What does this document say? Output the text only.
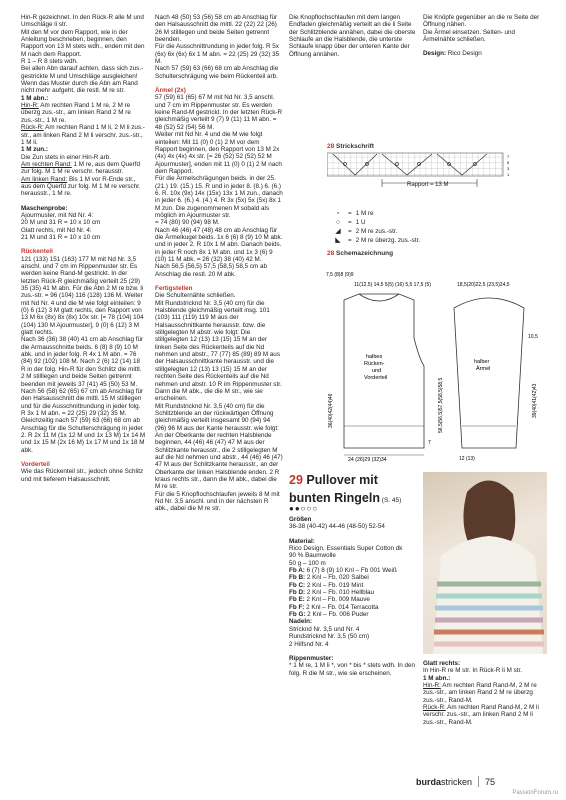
Hin-R gezeichnet. In den Rück-R alle M und Umschläge li str.

Mit den M vor dem Rapport, wie in der Anleitung beschrieben, beginnen, den Rapport von 13 M stets wdh., enden mit den M nach dem Rapport.

R 1 – R 8 stets wdh.

Bei allen Abn darauf achten, dass sich zus.-gestrickte M und Umschläge ausgleichen!

Wenn das Muster durch die Abn am Rand nicht mehr aufgeht, die restl. M re str.

1 M abn.:

Hin-R: Am rechten Rand 1 M re, 2 M re überzg zus.-str., am linken Rand 2 M re zus.-str., 1 M re.

Rück-R: Am rechten Rand 1 M li, 2 M li zus.-str., am linken Rand 2 M li verschr. zus.-str., 1 M li.

1 M zun.:

Die Zun stets in einer Hin-R arb.

Am rechten Rand: 1 M re, aus dem Querfd zur folg. M 1 M re verschr. herausstr.

Am linken Rand: Bis 1 M vor R-Ende str., aus dem Querfd zur folg. M 1 M re verschr. herausstr., 1 M re.

Maschenprobe:

Ajourmuster, mit Nd Nr. 4:

20 M und 31 R = 10 x 10 cm

Glatt rechts, mit Nd Nr. 4:

21 M und 31 R = 10 x 10 cm

Rückenteil

121 (133) 151 (163) 177 M mit Nd Nr. 3,5 anschl. und 7 cm im Rippenmuster str. Es werden keine Rand-M gestrickt. In der letzten Rück-R gleichmäßig verteilt 25 (29) 35 (35) 41 M abn. Für die Abn 2 M re bzw. li zus.-str. = 96 (104) 116 (128) 136 M. Weiter mit Nd Nr. 4 und die M wie folgt einteilen: 9 (0) 6 (12) 3 M glatt rechts, den Rapport von 13 M 6x (8x) 8x (8x) 10x str. [= 78 (104) 104 (104) 130 M Ajourmuster], 9 (0) 6 (12) 3 M glatt rechts.

Nach 36 (36) 38 (40) 41 cm ab Anschlag für die Armausschnitte beids. 6 (8) 8 (9) 10 M abk. und in jeder folg. R 4x 1 M abn. = 76 (84) 92 (102) 108 M. Nach 2 (6) 12 (14) 18 R in der folg. Hin-R für den Schlitz die mittl. 2 M stilllegen und beide Seiten getrennt beenden mit jeweils 37 (41) 45 (50) 53 M.

Nach 56 (58) 62 (65) 67 cm ab Anschlag für den Halsausschnitt die mittl. 15 M stilllegen und für die Ausschnittrundung in jeder folg. R 3x 1 M abn. = 22 (25) 29 (32) 35 M. Gleichzeitig nach 57 (59) 63 (66) 68 cm ab Anschlag für die Schulterschrägung in jeder 2. R 2x 11 M (1x 12 M und 1x 13 M) 1x 14 M und 1x 15 M (2x 16 M) 1x 17 M und 1x 18 M abk.

Vorderteil

Wie das Rückenteil str., jedoch ohne Schlitz und mit tieferem Halsausschnitt.

Nach 48 (50) 53 (56) 58 cm ab Anschlag für den Halsausschnitt die mittl. 22 (22) 22 (26) 26 M stilllegen und beide Seiten getrennt beenden.

Für die Ausschnittrundung in jeder folg. R 5x (6x) 6x (6x) 6x 1 M abn. = 22 (25) 29 (32) 35 M.

Nach 57 (59) 63 (66) 68 cm ab Anschlag die Schulterschrägung wie beim Rückenteil arb.

Ärmel (2x)

57 (59) 61 (65) 67 M mit Nd Nr. 3,5 anschl. und 7 cm im Rippenmuster str. Es werden keine Rand-M gestrickt. In der letzten Rück-R gleichmäßig verteilt 9 (7) 9 (11) 11 M abn. = 48 (52) 52 (54) 56 M.

Weiter mit Nd Nr. 4 und die M wie folgt einteilen: Mit 11 (0) 0 (1) 2 M vor dem Rapport beginnen, den Rapport von 13 M 2x (4x) 4x (4x) 4x str. [= 26 (52) 52 (52) 52 M Ajourmuster], enden mit 11 (0) 0 (1) 2 M nach dem Rapport.

Für die Ärmelschrägungen beids. in der 25. (21.) 19. (15.) 15. R und in jeder 8. (8.) 6. (6.) 6. R. 10x (9x) 14x (15x) 13x 1 M zun., danach in jeder 6. (6.) 4. (4.) 4. R 3x (5x) 5x (5x) 8x 1 M zun. Die zugenommenen M sobald als möglich im Ajourmuster str.

= 74 (80) 90 (94) 98 M.

Nach 46 (46) 47 (48) 48 cm ab Anschlag für die Ärmelkugel beids. 1x 6 (6) 8 (9) 10 M abk. und in jeder 2. R 10x 1 M abn. Danach beids. in jeder R noch 8x 1 M abn. und 1x 3 (6) 9 (10) 11 M abk. = 26 (32) 38 (40) 42 M.

Nach 56,5 (56,5) 57,5 (58,5) 58,5 cm ab Anschlag die restl. 20 M abk.

Fertigstellen

Die Schulternähte schließen.

Mit Rundstricknd Nr. 3,5 (40 cm) für die Halsblende gleichmäßig verteilt insg. 101 (103) 111 (119) 119 M aus der Halsausschnittkante herausstr. bzw. die stillgelegten M abstr. wie folgt: Die stillgelegten 12 (13) 13 (15) 15 M an der linken Seite des Rückenteils auf die Nd nehmen und abstr., 77 (77) 85 (89) 89 M aus der Halsausschnittkante herausstr. und die stillgelegten 12 (13) 13 (15) 15 M an der rechten Seite des Rückenteils auf die Nd nehmen und abstr. 10 R im Rippenmuster str. Dann die M abk., die die M str., wie sie erscheinen.

Mit Rundstricknd Nr. 3,5 (40 cm) für die Schlitzblende an der rückwärtigen Öffnung gleichmäßig verteilt insgesamt 90 (94) 94 (96) 96 M aus der Kante herausstr. wie folgt:

An der Oberkante der rechten Halsblende beginnen, 44 (46) 46 (47) 47 M aus der Schlitzkante herausstr., die 2 stillgelegten M auf die Nd nehmen und abstr., 44 (46) 46 (47) 47 M aus der Schlitzkante herausstr., an der Oberkante der linken Halsblende enden. 2 R kraus rechts str., dann die M abk., dabei die M re str.

Für die 5 Knopflochschlaufen jeweils 8 M mit Nd Nr. 3,5 anschl. und in der nächsten R abk., dabei die M re str.

Die Knopflochschlaufen mit dem langen Endfaden gleichmäßig verteilt an die li Seite der Schlitzblende annähen, dabei die oberste Schlaufe an die Halsblende, die unterste Schlaufe knapp über der unteren Kante der Öffnung annähen.

Die Knöpfe gegenüber an die re Seite der Öffnung nähen.

Die Ärmel einsetzen. Seiten- und Ärmelnähte schließen.

Design: Rico Design

28 Strickschrift
7
5
3
1
Rapport = 13 M
▫	= 1 M re
○	= 1 U
◢	= 2 M re zus.-str.
◣	= 2 M re überzg. zus.-str.
28 Schemazeichnung
halbes
Rücken-
und
Vorderteil
halber
Ärmel
24 (26)29 (32)34
7,5 (8)8 (9)9
11(12,5) 14,5 5(5) (16) 5,5 17,5 (5)	18,5(20)22,5 (23,5)24,5
12 (13)
36(40)42(44)46	39(40)41(42)43
56,5(56,5)57,5(58,5)58,5
10,5
7
29 Pullover mit bunten Ringeln (S. 45)
●●○○○

Größen

36-38 (40-42) 44-46 (48-50) 52-54

Material:

Rico Design, Essentials Super Cotton dk

90 % Baumwolle

50 g – 100 m

Fb A: 6 (7) 8 (9) 10 Knl – Fb 001 Weiß

Fb B: 2 Knl – Fb. 020 Salbei

Fb C: 2 Knl – Fb. 019 Mint

Fb D: 2 Knl – Fb. 010 Hellblau

Fb E: 2 Knl – Fb. 009 Mauve

Fb F: 2 Knl – Fb. 014 Terracotta

Fb G: 2 Knl – Fb. 006 Puder

Nadeln:

Stricknd Nr. 3,5 und Nr. 4

Rundstricknd Nr. 3,5 (50 cm)

2 Hilfsnd Nr. 4

Rippenmuster:

* 1 M re, 1 M li *, von * bis * stets wdh. In den folg. R die M str., wie sie erscheinen.

Glatt rechts:

In Hin-R re M str. In Rück-R li M str.

1 M abn.:

Hin-R: Am rechten Rand Rand-M, 2 M re zus.-str., am linken Rand 2 M re überzg zus.-str., Rand-M.

Rück-R: Am rechten Rand Rand-M, 2 M li verschr. zus.-str., am linken Rand 2 M li zus.-str., Rand-M.

burdastricken 75
PassionForum.ru
